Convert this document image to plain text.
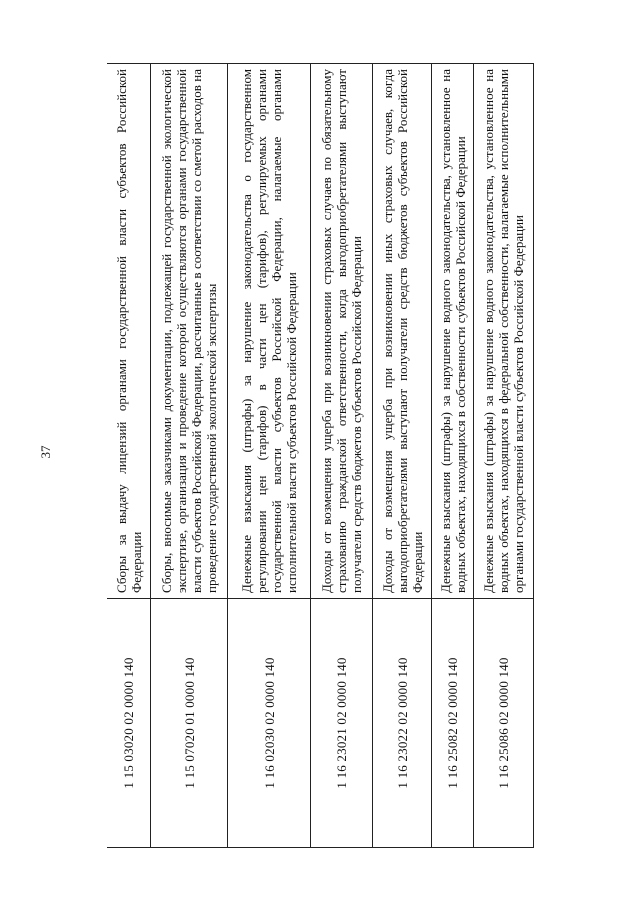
37
1 15 03020 02 0000 140	Сборы за выдачу лицензий органами государственной власти субъектов Российской Федерации
1 15 07020 01 0000 140	Сборы, вносимые заказчиками документации, подлежащей государственной экологической экспертизе, организация и проведение которой осуществляются органами государственной власти субъектов Российской Федерации, рассчитанные в соответствии со сметой расходов на проведение государственной экологической экспертизы
1 16 02030 02 0000 140	Денежные взыскания (штрафы) за нарушение законодательства о государственном регулировании цен (тарифов) в части цен (тарифов), регулируемых органами государственной власти субъектов Российской Федерации, налагаемые органами исполнительной власти субъектов Российской Федерации
1 16 23021 02 0000 140	Доходы от возмещения ущерба при возникновении страховых случаев по обязательному страхованию гражданской ответственности, когда выгодоприобретателями выступают получатели средств бюджетов субъектов Российской Федерации
1 16 23022 02 0000 140	Доходы от возмещения ущерба при возникновении иных страховых случаев, когда выгодоприобретателями выступают получатели средств бюджетов субъектов Российской Федерации
1 16 25082 02 0000 140	Денежные взыскания (штрафы) за нарушение водного законодательства, установленное на водных объектах, находящихся в собственности субъектов Российской Федерации
1 16 25086 02 0000 140	Денежные взыскания (штрафы) за нарушение водного законодательства, установленное на водных объектах, находящихся в федеральной собственности, налагаемые исполнительными органами государственной власти субъектов Российской Федерации
